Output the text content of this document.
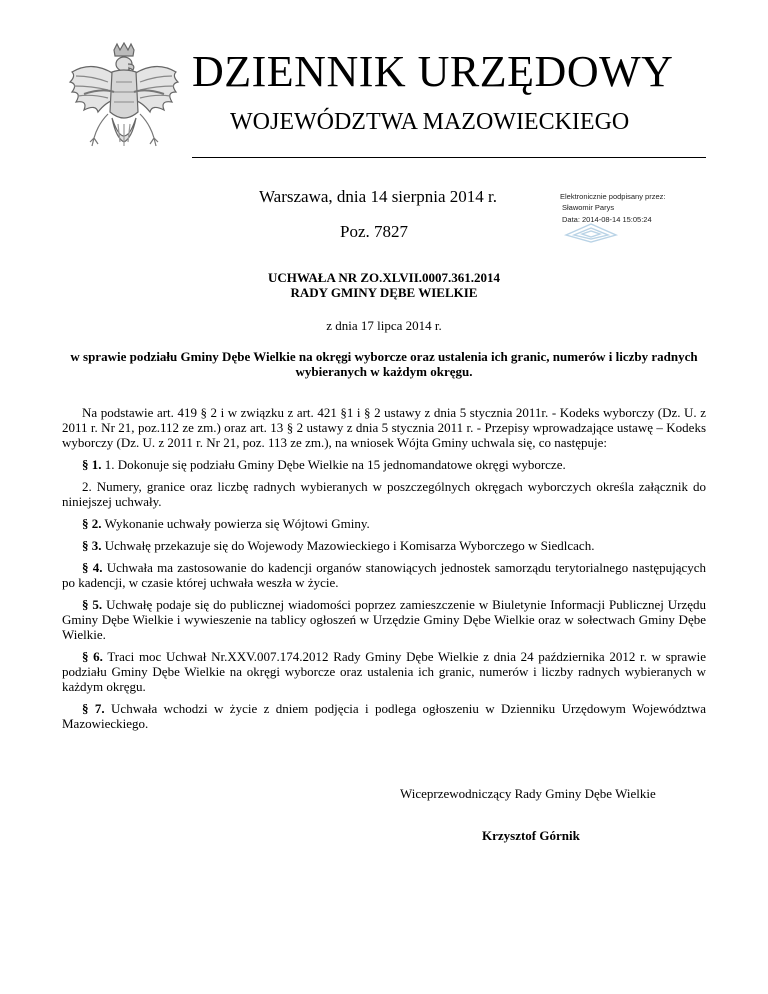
DZIENNIK URZĘDOWY
WOJEWÓDZTWA MAZOWIECKIEGO
Warszawa, dnia 14 sierpnia 2014 r.
Poz. 7827
Elektronicznie podpisany przez:
Sławomir Parys
Data: 2014-08-14 15:05:24
UCHWAŁA NR ZO.XLVII.0007.361.2014
RADY GMINY DĘBE WIELKIE
z dnia 17 lipca 2014 r.
w sprawie podziału Gminy Dębe Wielkie na okręgi wyborcze oraz ustalenia ich granic, numerów i liczby radnych wybieranych w każdym okręgu.

Na podstawie art. 419 § 2 i w związku z art. 421 §1 i § 2 ustawy z dnia 5 stycznia 2011r. - Kodeks wyborczy (Dz. U. z 2011 r. Nr 21, poz.112 ze zm.) oraz art. 13 § 2 ustawy z dnia 5 stycznia 2011 r. - Przepisy wprowadzające ustawę – Kodeks wyborczy (Dz. U. z 2011 r. Nr 21, poz. 113 ze zm.), na wniosek Wójta Gminy uchwala się, co następuje:

§ 1. 1. Dokonuje się podziału Gminy Dębe Wielkie na 15 jednomandatowe okręgi wyborcze.

2. Numery, granice oraz liczbę radnych wybieranych w poszczególnych okręgach wyborczych określa załącznik do niniejszej uchwały.

§ 2. Wykonanie uchwały powierza się Wójtowi Gminy.

§ 3. Uchwałę przekazuje się do Wojewody Mazowieckiego i Komisarza Wyborczego w Siedlcach.

§ 4. Uchwała ma zastosowanie do kadencji organów stanowiących jednostek samorządu terytorialnego następujących po kadencji, w czasie której uchwała weszła w życie.

§ 5. Uchwałę podaje się do publicznej wiadomości poprzez zamieszczenie w Biuletynie Informacji Publicznej Urzędu Gminy Dębe Wielkie i wywieszenie na tablicy ogłoszeń w Urzędzie Gminy Dębe Wielkie oraz w sołectwach Gminy Dębe Wielkie.

§ 6. Traci moc Uchwał Nr.XXV.007.174.2012 Rady Gminy Dębe Wielkie z dnia 24 października 2012 r. w sprawie podziału Gminy Dębe Wielkie na okręgi wyborcze oraz ustalenia ich granic, numerów i liczby radnych wybieranych w każdym okręgu.

§ 7. Uchwała wchodzi w życie z dniem podjęcia i podlega ogłoszeniu w Dzienniku Urzędowym Województwa Mazowieckiego.

Wiceprzewodniczący Rady Gminy Dębe Wielkie
Krzysztof Górnik
